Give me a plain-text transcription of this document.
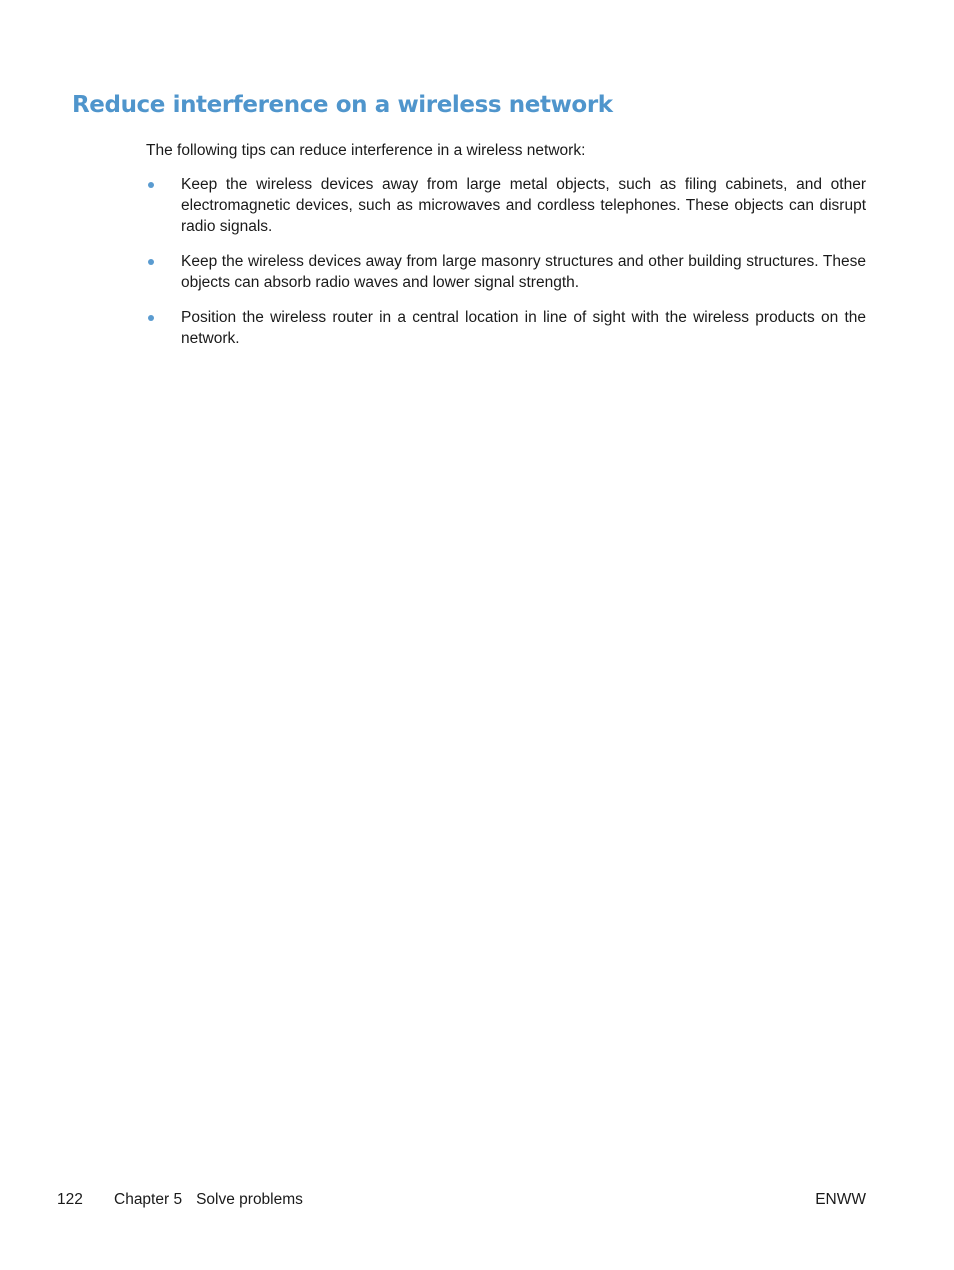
Reduce interference on a wireless network

The following tips can reduce interference in a wireless network:

Keep the wireless devices away from large metal objects, such as filing cabinets, and other electromagnetic devices, such as microwaves and cordless telephones. These objects can disrupt radio signals.
Keep the wireless devices away from large masonry structures and other building structures. These objects can absorb radio waves and lower signal strength.
Position the wireless router in a central location in line of sight with the wireless products on the network.
122 Chapter 5 Solve problems	ENWW
